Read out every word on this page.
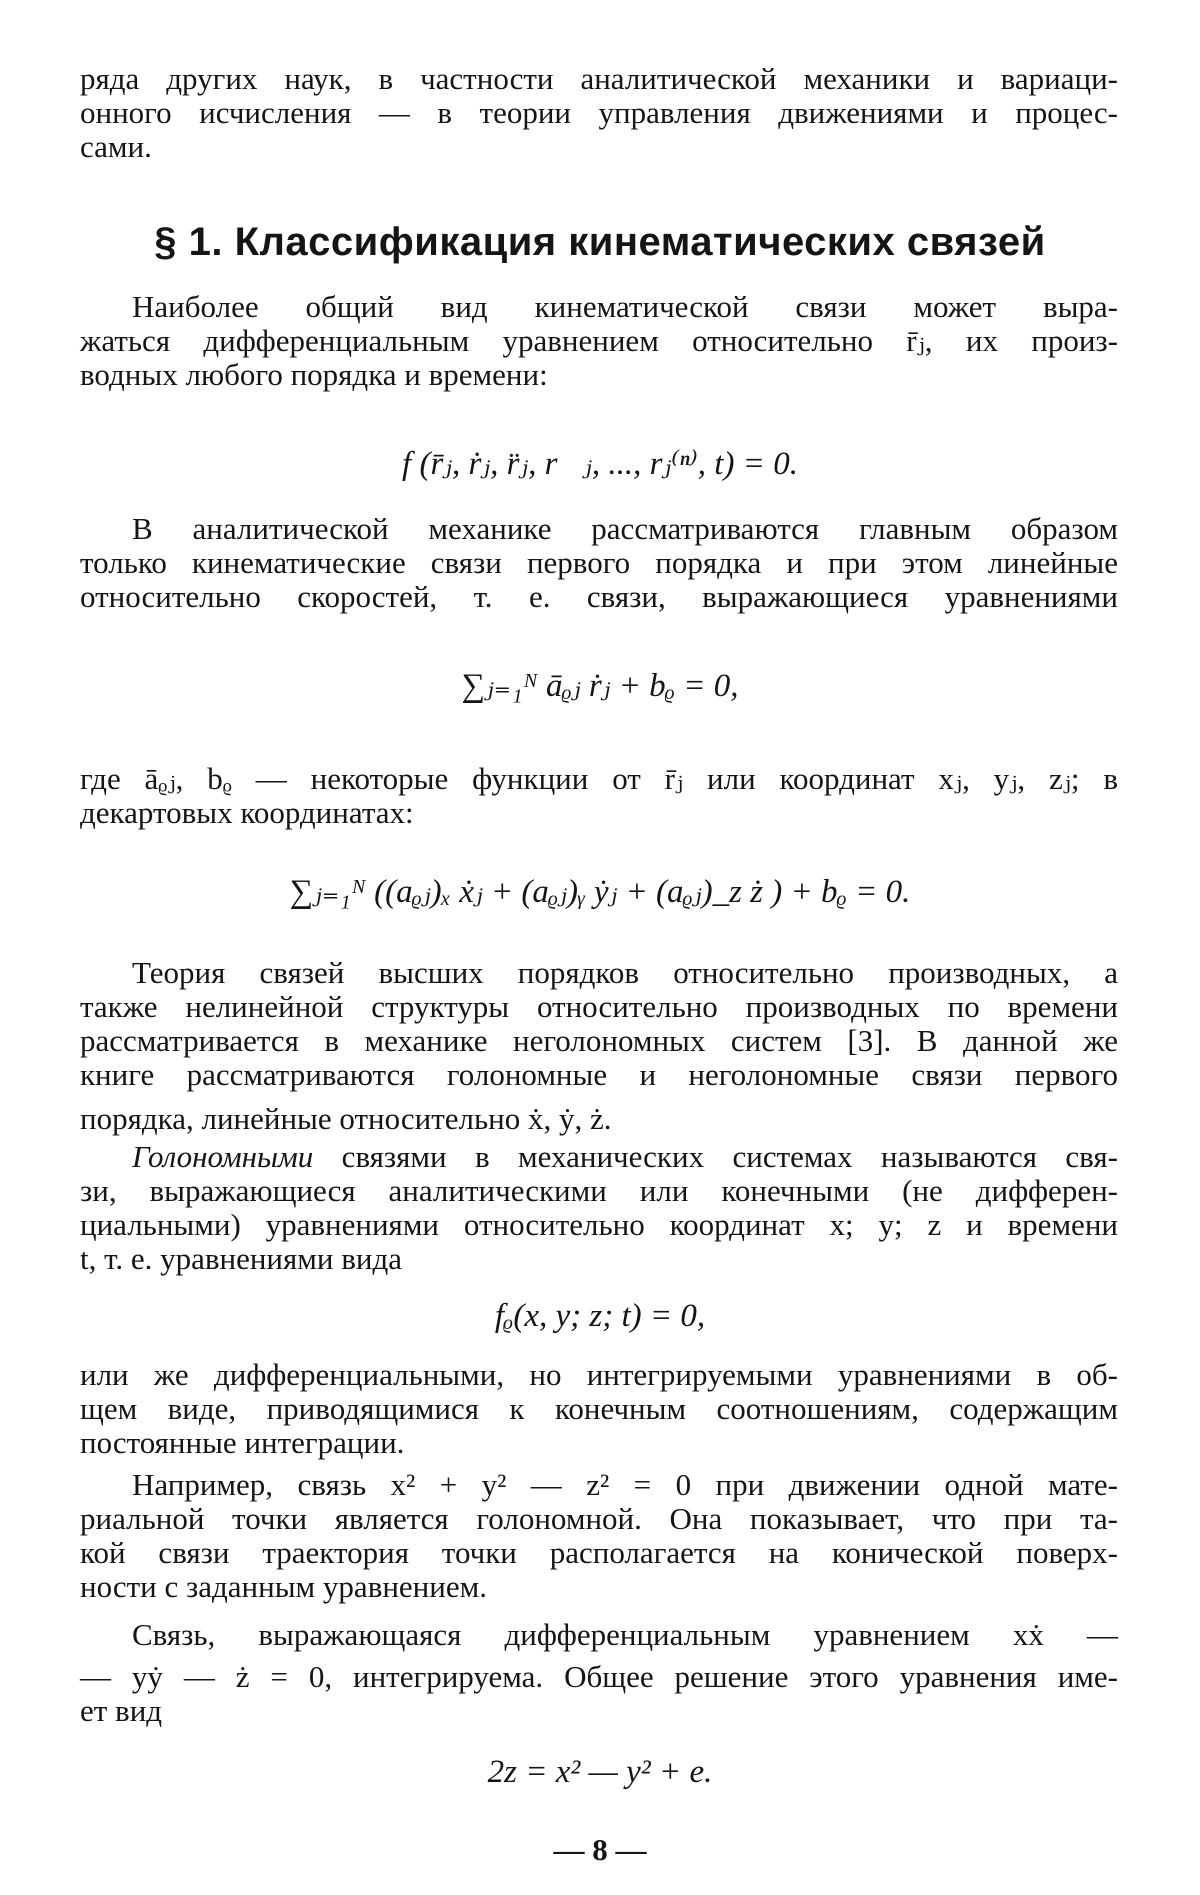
ряда других наук, в частности аналитической механики и вариаци-
онного исчисления — в теории управления движениями и процес-
сами.
§ 1. Классификация кинематических связей
Наиболее общий вид кинематической связи может выра-
жаться дифференциальным уравнением относительно r̄ⱼ, их произ-
водных любого порядка и времени:
f (r̄ⱼ, ṙⱼ, r̈ⱼ, r⃛ⱼ, ..., rⱼ⁽ⁿ⁾, t) = 0.
В аналитической механике рассматриваются главным образом
только кинематические связи первого порядка и при этом линейные
относительно скоростей, т. е. связи, выражающиеся уравнениями
∑ⱼ₌₁ᴺ āᵨⱼ ṙⱼ + bᵨ = 0,
где āᵨⱼ, bᵨ — некоторые функции от r̄ⱼ или координат xⱼ, yⱼ, zⱼ; в
декартовых координатах:
∑ⱼ₌₁ᴺ ((aᵨⱼ)ₓ ẋⱼ + (aᵨⱼ)ᵧ ẏⱼ + (aᵨⱼ)_z ż ) + bᵨ = 0.
Теория связей высших порядков относительно производных, а
также нелинейной структуры относительно производных по времени
рассматривается в механике неголономных систем [3]. В данной же
книге рассматриваются голономные и неголономные связи первого
порядка, линейные относительно ẋ, ẏ, ż.
Голономными связями в механических системах называются свя-
зи, выражающиеся аналитическими или конечными (не дифферен-
циальными) уравнениями относительно координат x; y; z и времени
t, т. е. уравнениями вида
fᵨ(x, y; z; t) = 0,
или же дифференциальными, но интегрируемыми уравнениями в об-
щем виде, приводящимися к конечным соотношениям, содержащим
постоянные интеграции.
Например, связь x² + y² — z² = 0 при движении одной мате-
риальной точки является голономной. Она показывает, что при та-
кой связи траектория точки располагается на конической поверх-
ности с заданным уравнением.
Связь, выражающаяся дифференциальным уравнением xẋ —
— yẏ — ż = 0, интегрируема. Общее решение этого уравнения име-
ет вид
2z = x² — y² + e.
— 8 —
